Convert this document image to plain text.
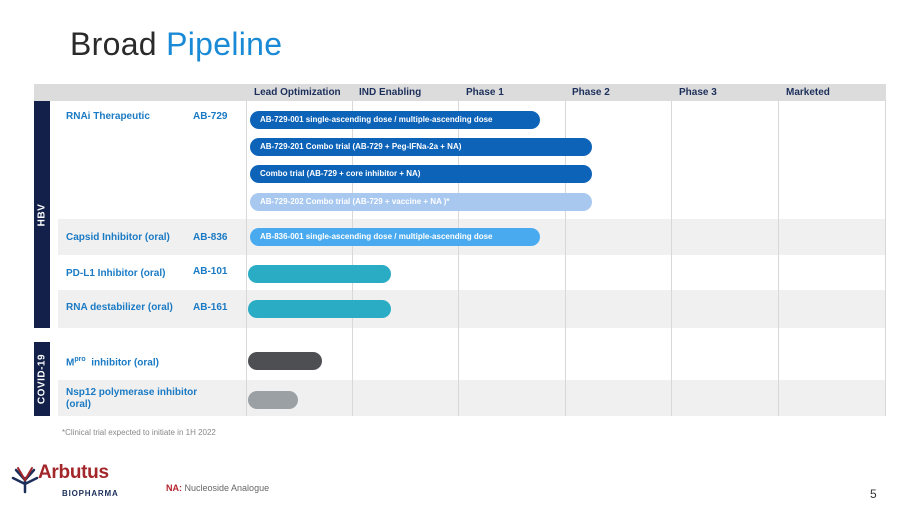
Broad Pipeline
Lead Optimization IND Enabling	Phase 1	Phase 2	Phase 3	Marketed
HBV
COVID-19
RNAi Therapeutic	AB-729
Capsid Inhibitor (oral) AB-836
PD-L1 Inhibitor (oral)	AB-101
RNA destabilizer (oral) AB-161
$M^{pro}$ inhibitor (oral)
Nsp12 polymerase inhibitor
(oral)
AB-729-001 single-ascending dose / multiple-ascending dose
AB-729-201 Combo trial (AB-729 + Peg-IFNa-2a + NA)
Combo trial (AB-729 + core inhibitor + NA)
AB-729-202 Combo trial (AB-729 + vaccine + NA )*
AB-836-001 single-ascending dose / multiple-ascending dose
*Clinical trial expected to initiate in 1H 2022
NA: Nucleoside Analogue
Arbutus
BIOPHARMA	5
